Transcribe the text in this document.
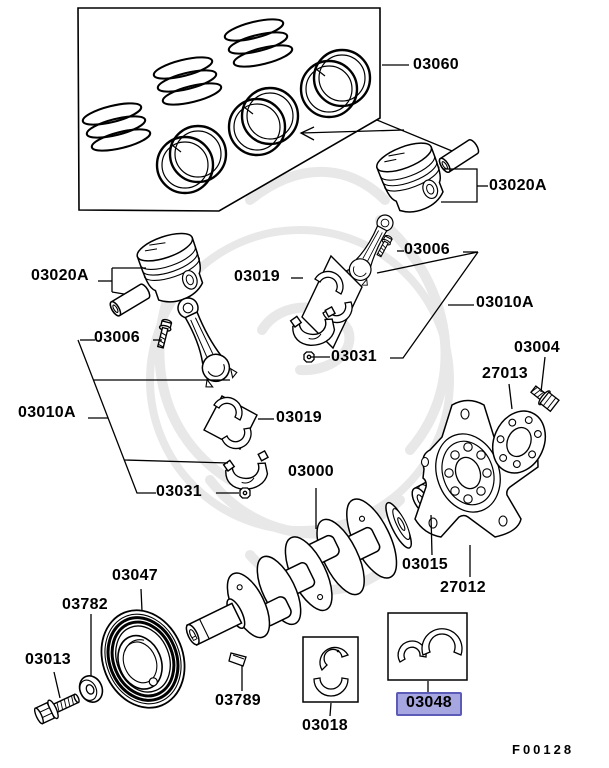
03060
03020A
03006
03010A
03031
03019
03020A
03006
03010A	03019
03031
03000
03004
27013
03015
27012
03047
03782
03013
03789
03018
03048
F00128
